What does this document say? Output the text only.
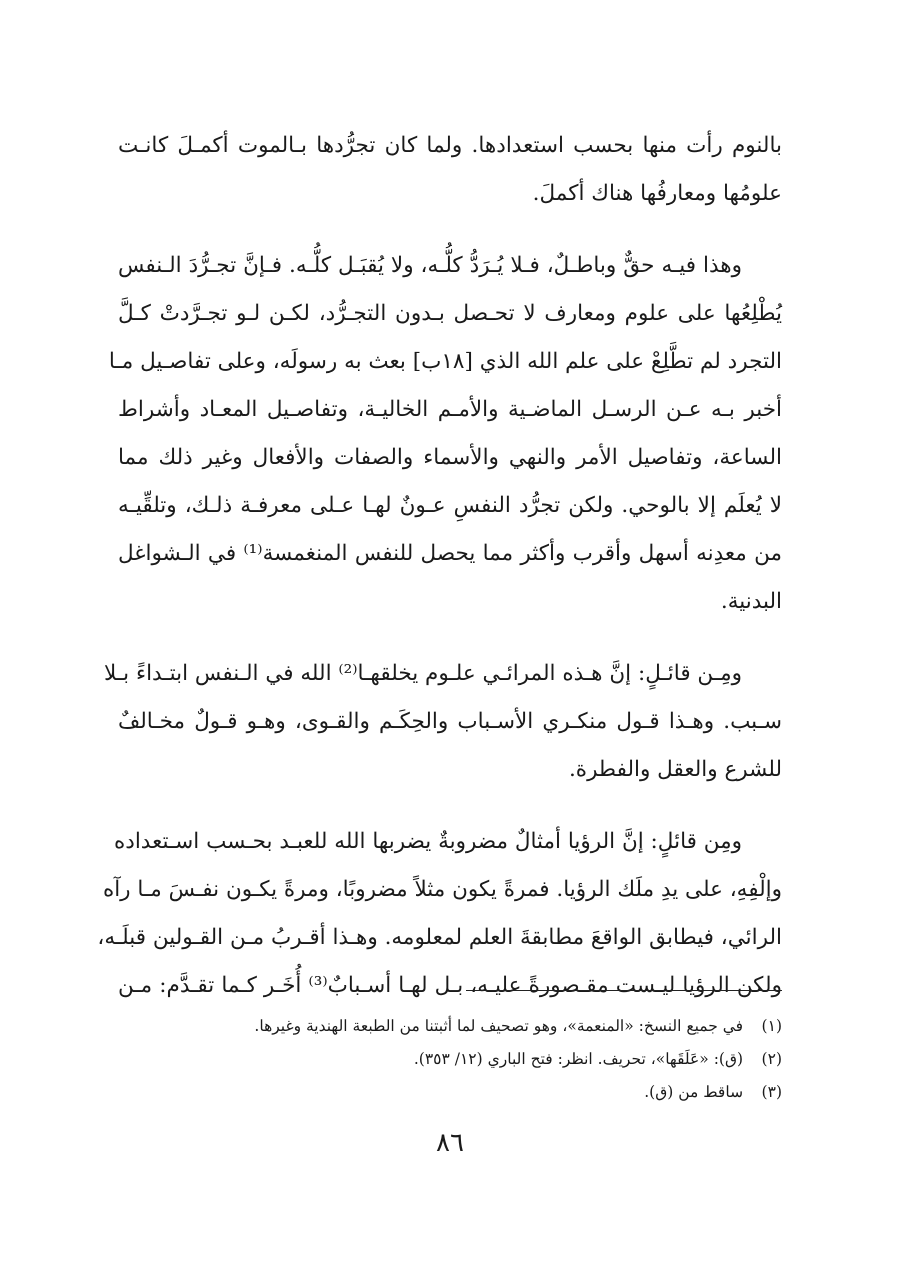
بالنوم رأت منها بحسب استعدادها. ولما كان تجرُّدها بـالموت أكمـلَ كانـت
علومُها ومعارفُها هناك أكملَ.

وهذا فيـه حقٌّ وباطـلٌ، فـلا يُـرَدُّ كلُّـه، ولا يُقبَـل كلُّـه. فـإنَّ تجـرُّدَ الـنفس
يُطْلِعُها على علوم ومعارف لا تحـصل بـدون التجـرُّد، لكـن لـو تجـرَّدتْ كـلَّ
التجرد لم تطَّلِعْ على علم الله الذي [١٨ب] بعث به رسولَه، وعلى تفاصـيل مـا
أخبر بـه عـن الرسـل الماضـية والأمـم الخاليـة، وتفاصـيل المعـاد وأشراط
الساعة، وتفاصيل الأمر والنهي والأسماء والصفات والأفعال وغير ذلك مما
لا يُعلَم إلا بالوحي. ولكن تجرُّد النفسِ عـونٌ لهـا عـلى معرفـة ذلـك، وتلقِّيـه
من معدِنه أسهل وأقرب وأكثر مما يحصل للنفس المنغمسة⁽¹⁾ في الـشواغل
البدنية.

ومِـن قائـلٍ: إنَّ هـذه المرائـي علـوم يخلقهـا⁽²⁾ الله في الـنفس ابتـداءً بـلا
سـبب. وهـذا قـول منكـري الأسـباب والحِكَـم والقـوى، وهـو قـولٌ مخـالفٌ
للشرع والعقل والفطرة.

ومِن قائلٍ: إنَّ الرؤيا أمثالٌ مضروبةٌ يضربها الله للعبـد بحـسب اسـتعداده
وإلْفِهِ، على يدِ ملَك الرؤيا. فمرةً يكون مثلاً مضروبًا، ومرةً يكـون نفـسَ مـا رآه
الرائي، فيطابق الواقعَ مطابقةَ العلم لمعلومه. وهـذا أقـربُ مـن القـولين قبلَـه،
ولكن الرؤيا ليـست مقـصورةً عليـه، بـل لهـا أسـبابٌ⁽³⁾ أُخَـر كـما تقـدَّم: مـن

(١) في جميع النسخ: «المنعمة»، وهو تصحيف لما أثبتنا من الطبعة الهندية وغيرها.
(٢) (ق): «عَلَقَها»، تحريف. انظر: فتح الباري (١٢/ ٣٥٣).
(٣) ساقط من (ق).
٨٦
